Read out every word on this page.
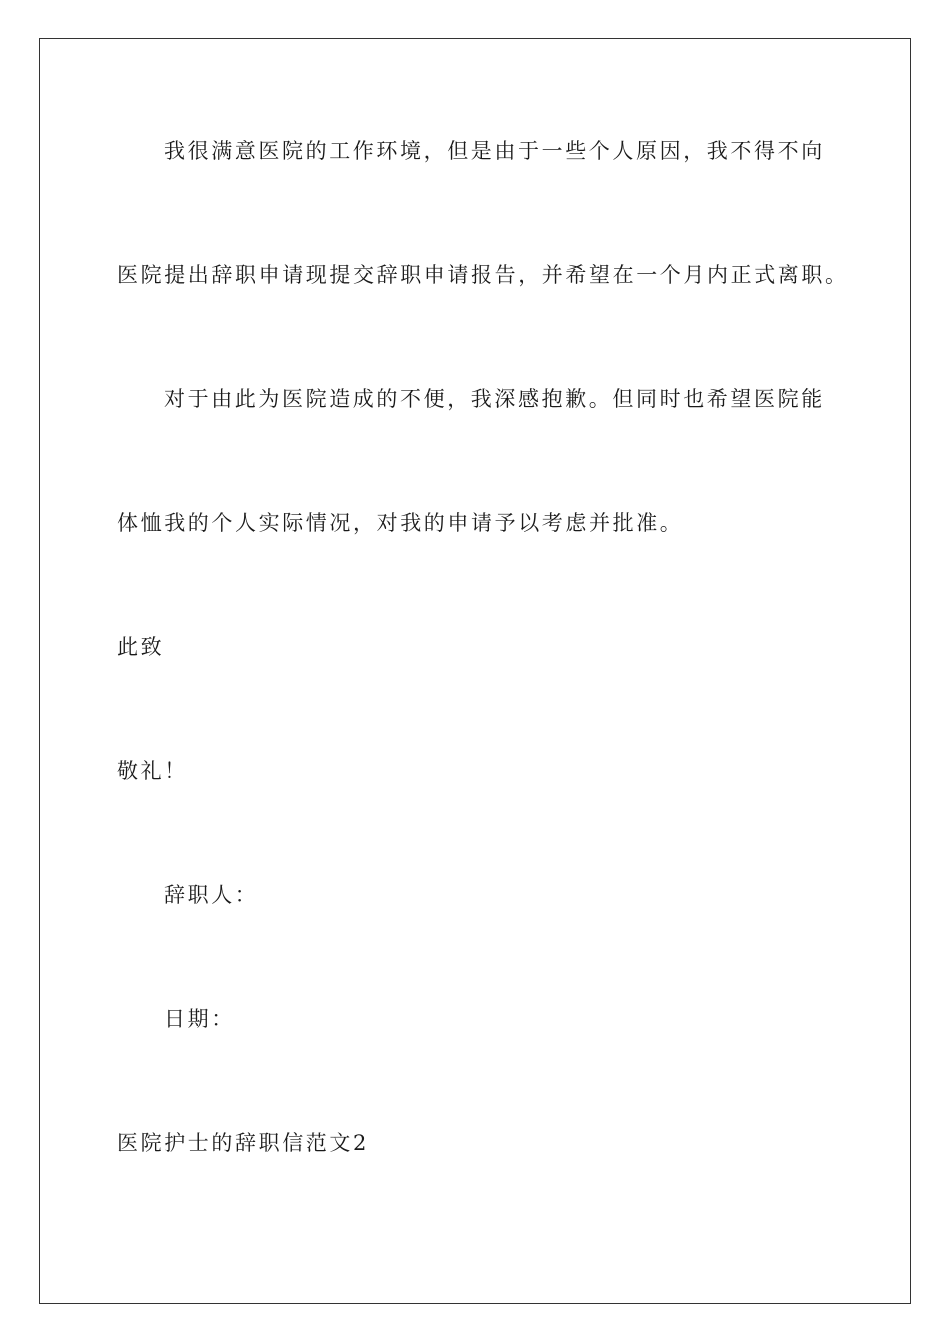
我很满意医院的工作环境，但是由于一些个人原因，我不得不向
医院提出辞职申请现提交辞职申请报告，并希望在一个月内正式离职。
对于由此为医院造成的不便，我深感抱歉。但同时也希望医院能
体恤我的个人实际情况，对我的申请予以考虑并批准。
此致
敬礼！
辞职人：
日期：
医院护士的辞职信范文2
